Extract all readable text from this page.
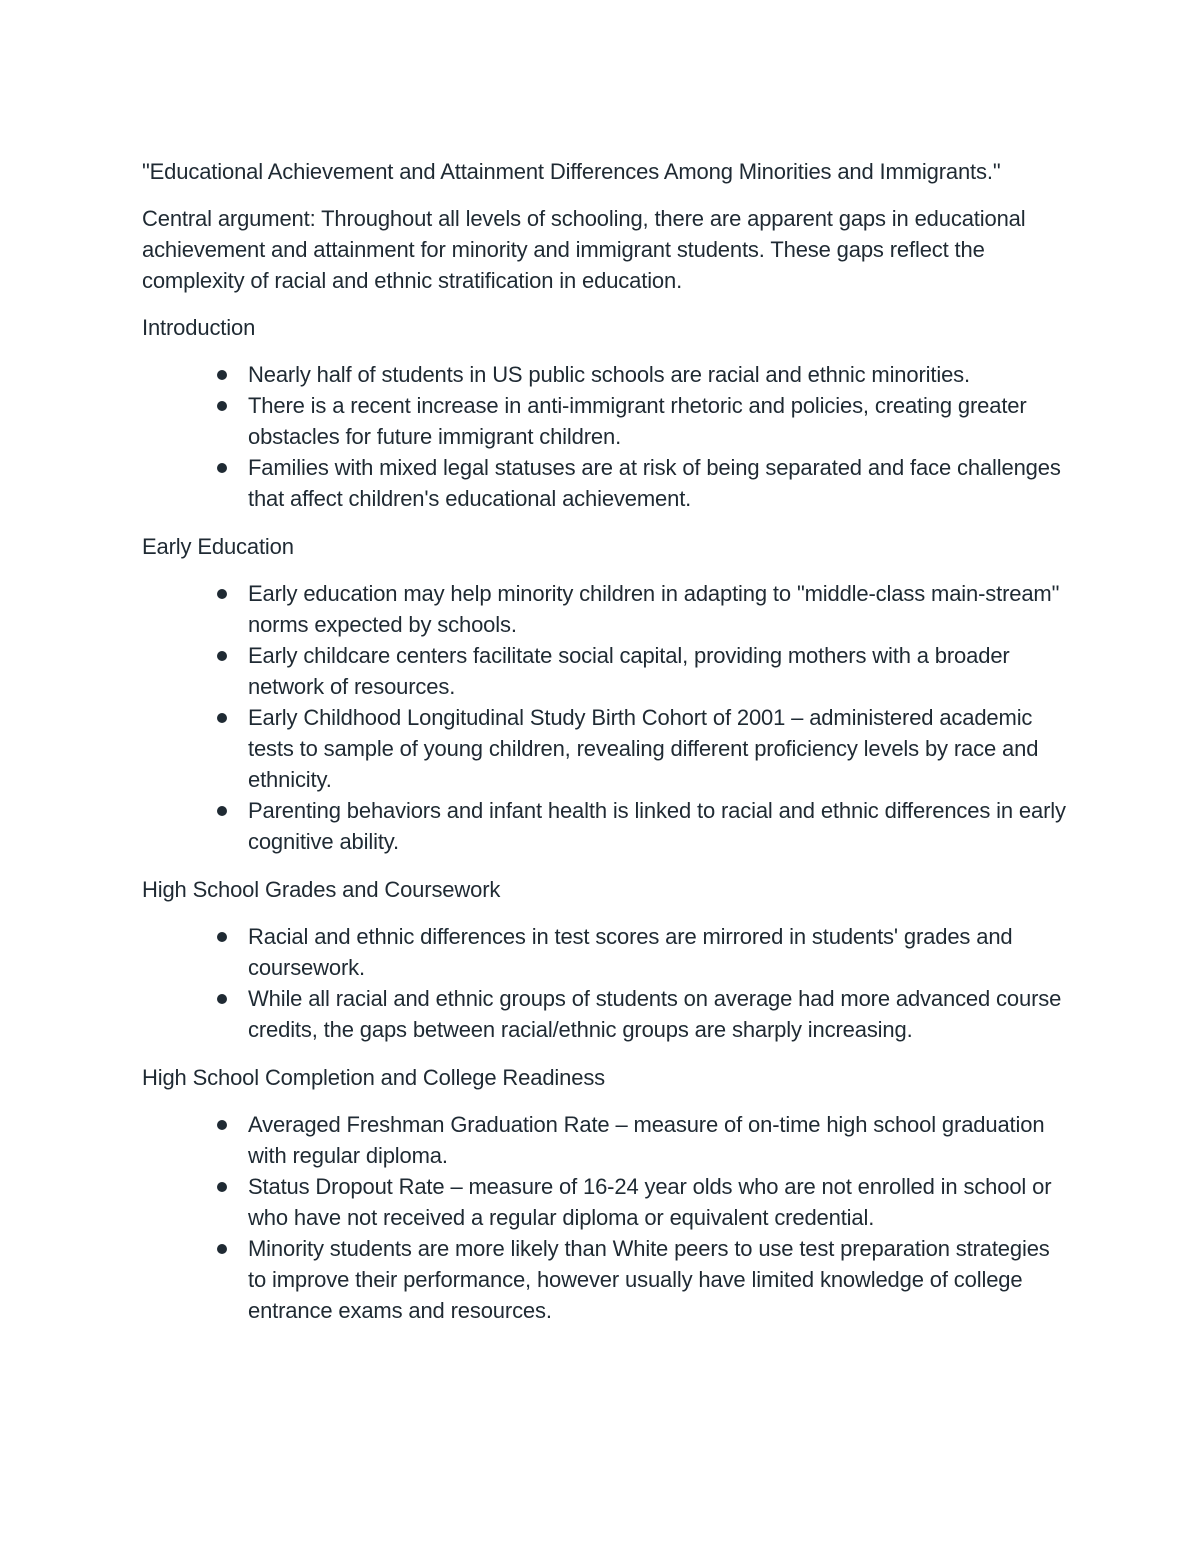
"Educational Achievement and Attainment Differences Among Minorities and Immigrants."

Central argument: Throughout all levels of schooling, there are apparent gaps in educational achievement and attainment for minority and immigrant students. These gaps reflect the complexity of racial and ethnic stratification in education.

Introduction

Nearly half of students in US public schools are racial and ethnic minorities.
There is a recent increase in anti-immigrant rhetoric and policies, creating greater obstacles for future immigrant children.
Families with mixed legal statuses are at risk of being separated and face challenges that affect children's educational achievement.

Early Education

Early education may help minority children in adapting to "middle-class main-stream" norms expected by schools.
Early childcare centers facilitate social capital, providing mothers with a broader network of resources.
Early Childhood Longitudinal Study Birth Cohort of 2001 – administered academic tests to sample of young children, revealing different proficiency levels by race and ethnicity.
Parenting behaviors and infant health is linked to racial and ethnic differences in early cognitive ability.

High School Grades and Coursework

Racial and ethnic differences in test scores are mirrored in students' grades and coursework.
While all racial and ethnic groups of students on average had more advanced course credits, the gaps between racial/ethnic groups are sharply increasing.

High School Completion and College Readiness

Averaged Freshman Graduation Rate – measure of on-time high school graduation with regular diploma.
Status Dropout Rate – measure of 16-24 year olds who are not enrolled in school or who have not received a regular diploma or equivalent credential.
Minority students are more likely than White peers to use test preparation strategies to improve their performance, however usually have limited knowledge of college entrance exams and resources.
